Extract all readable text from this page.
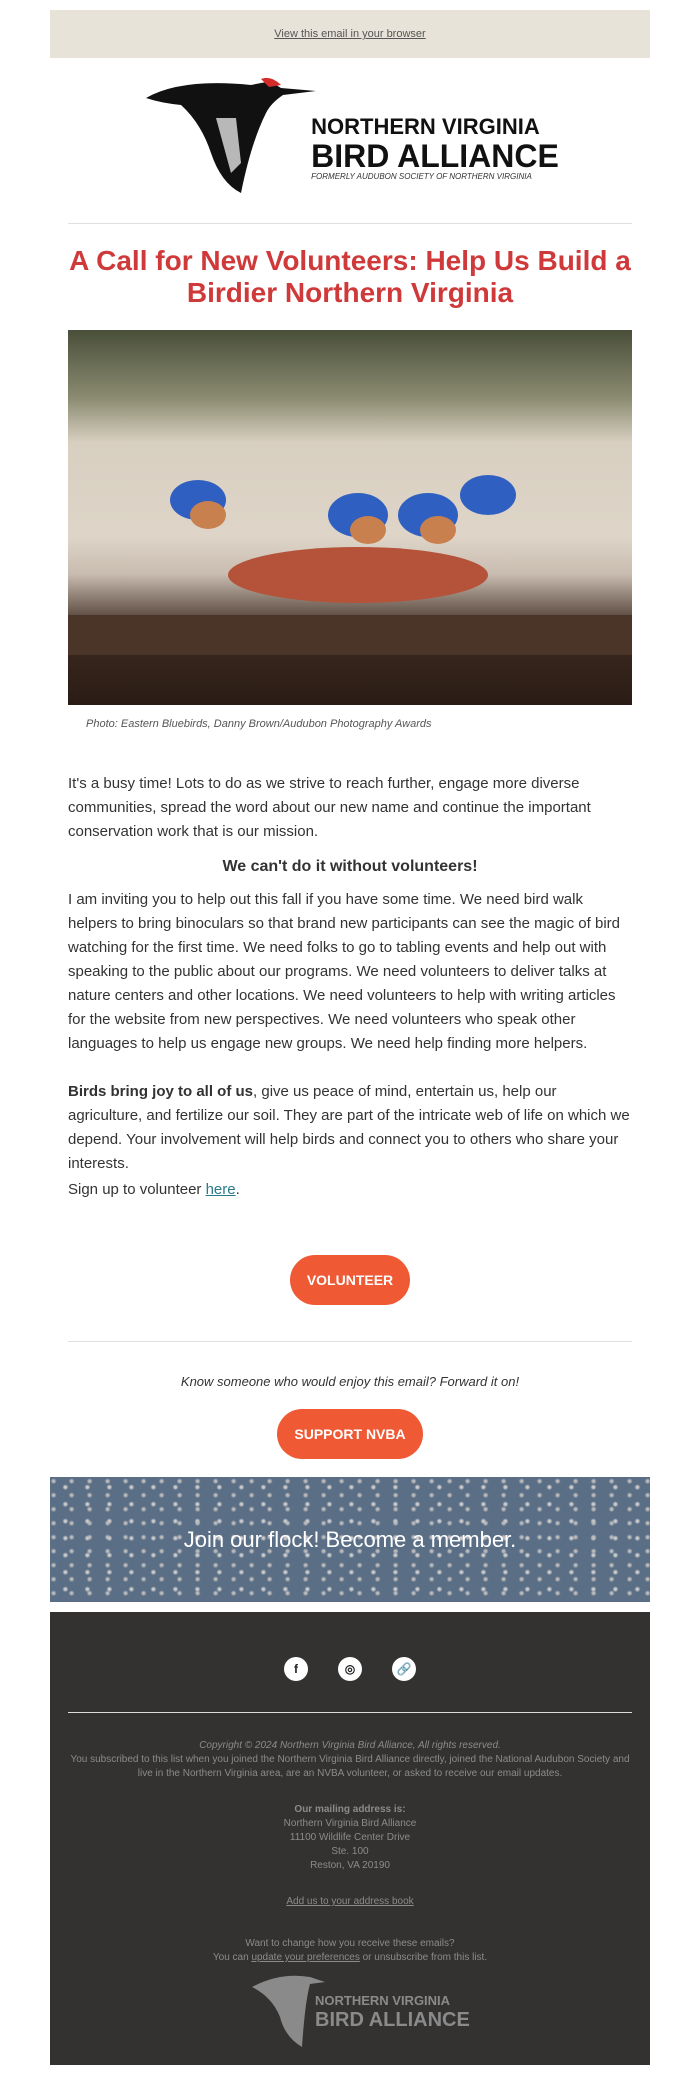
View this email in your browser
NORTHERN VIRGINIA
BIRD ALLIANCE
FORMERLY AUDUBON SOCIETY OF NORTHERN VIRGINIA
A Call for New Volunteers: Help Us Build a Birdier Northern Virginia
Photo: Eastern Bluebirds, Danny Brown/Audubon Photography Awards

It's a busy time! Lots to do as we strive to reach further, engage more diverse communities, spread the word about our new name and continue the important conservation work that is our mission.

We can't do it without volunteers!

I am inviting you to help out this fall if you have some time. We need bird walk helpers to bring binoculars so that brand new participants can see the magic of bird watching for the first time. We need folks to go to tabling events and help out with speaking to the public about our programs. We need volunteers to deliver talks at nature centers and other locations. We need volunteers to help with writing articles for the website from new perspectives. We need volunteers who speak other languages to help us engage new groups. We need help finding more helpers.

Birds bring joy to all of us, give us peace of mind, entertain us, help our agriculture, and fertilize our soil. They are part of the intricate web of life on which we depend. Your involvement will help birds and connect you to others who share your interests.

Sign up to volunteer here.

VOLUNTEER

Know someone who would enjoy this email? Forward it on!

SUPPORT NVBA
Join our flock! Become a member.
f	◎	🔗
Copyright © 2024 Northern Virginia Bird Alliance, All rights reserved.
You subscribed to this list when you joined the Northern Virginia Bird Alliance directly, joined the National Audubon Society and live in the Northern Virginia area, are an NVBA volunteer, or asked to receive our email updates.
Our mailing address is:
Northern Virginia Bird Alliance
11100 Wildlife Center Drive
Ste. 100
Reston, VA 20190
Add us to your address book
Want to change how you receive these emails?
You can update your preferences or unsubscribe from this list.
NORTHERN VIRGINIA
BIRD ALLIANCE
